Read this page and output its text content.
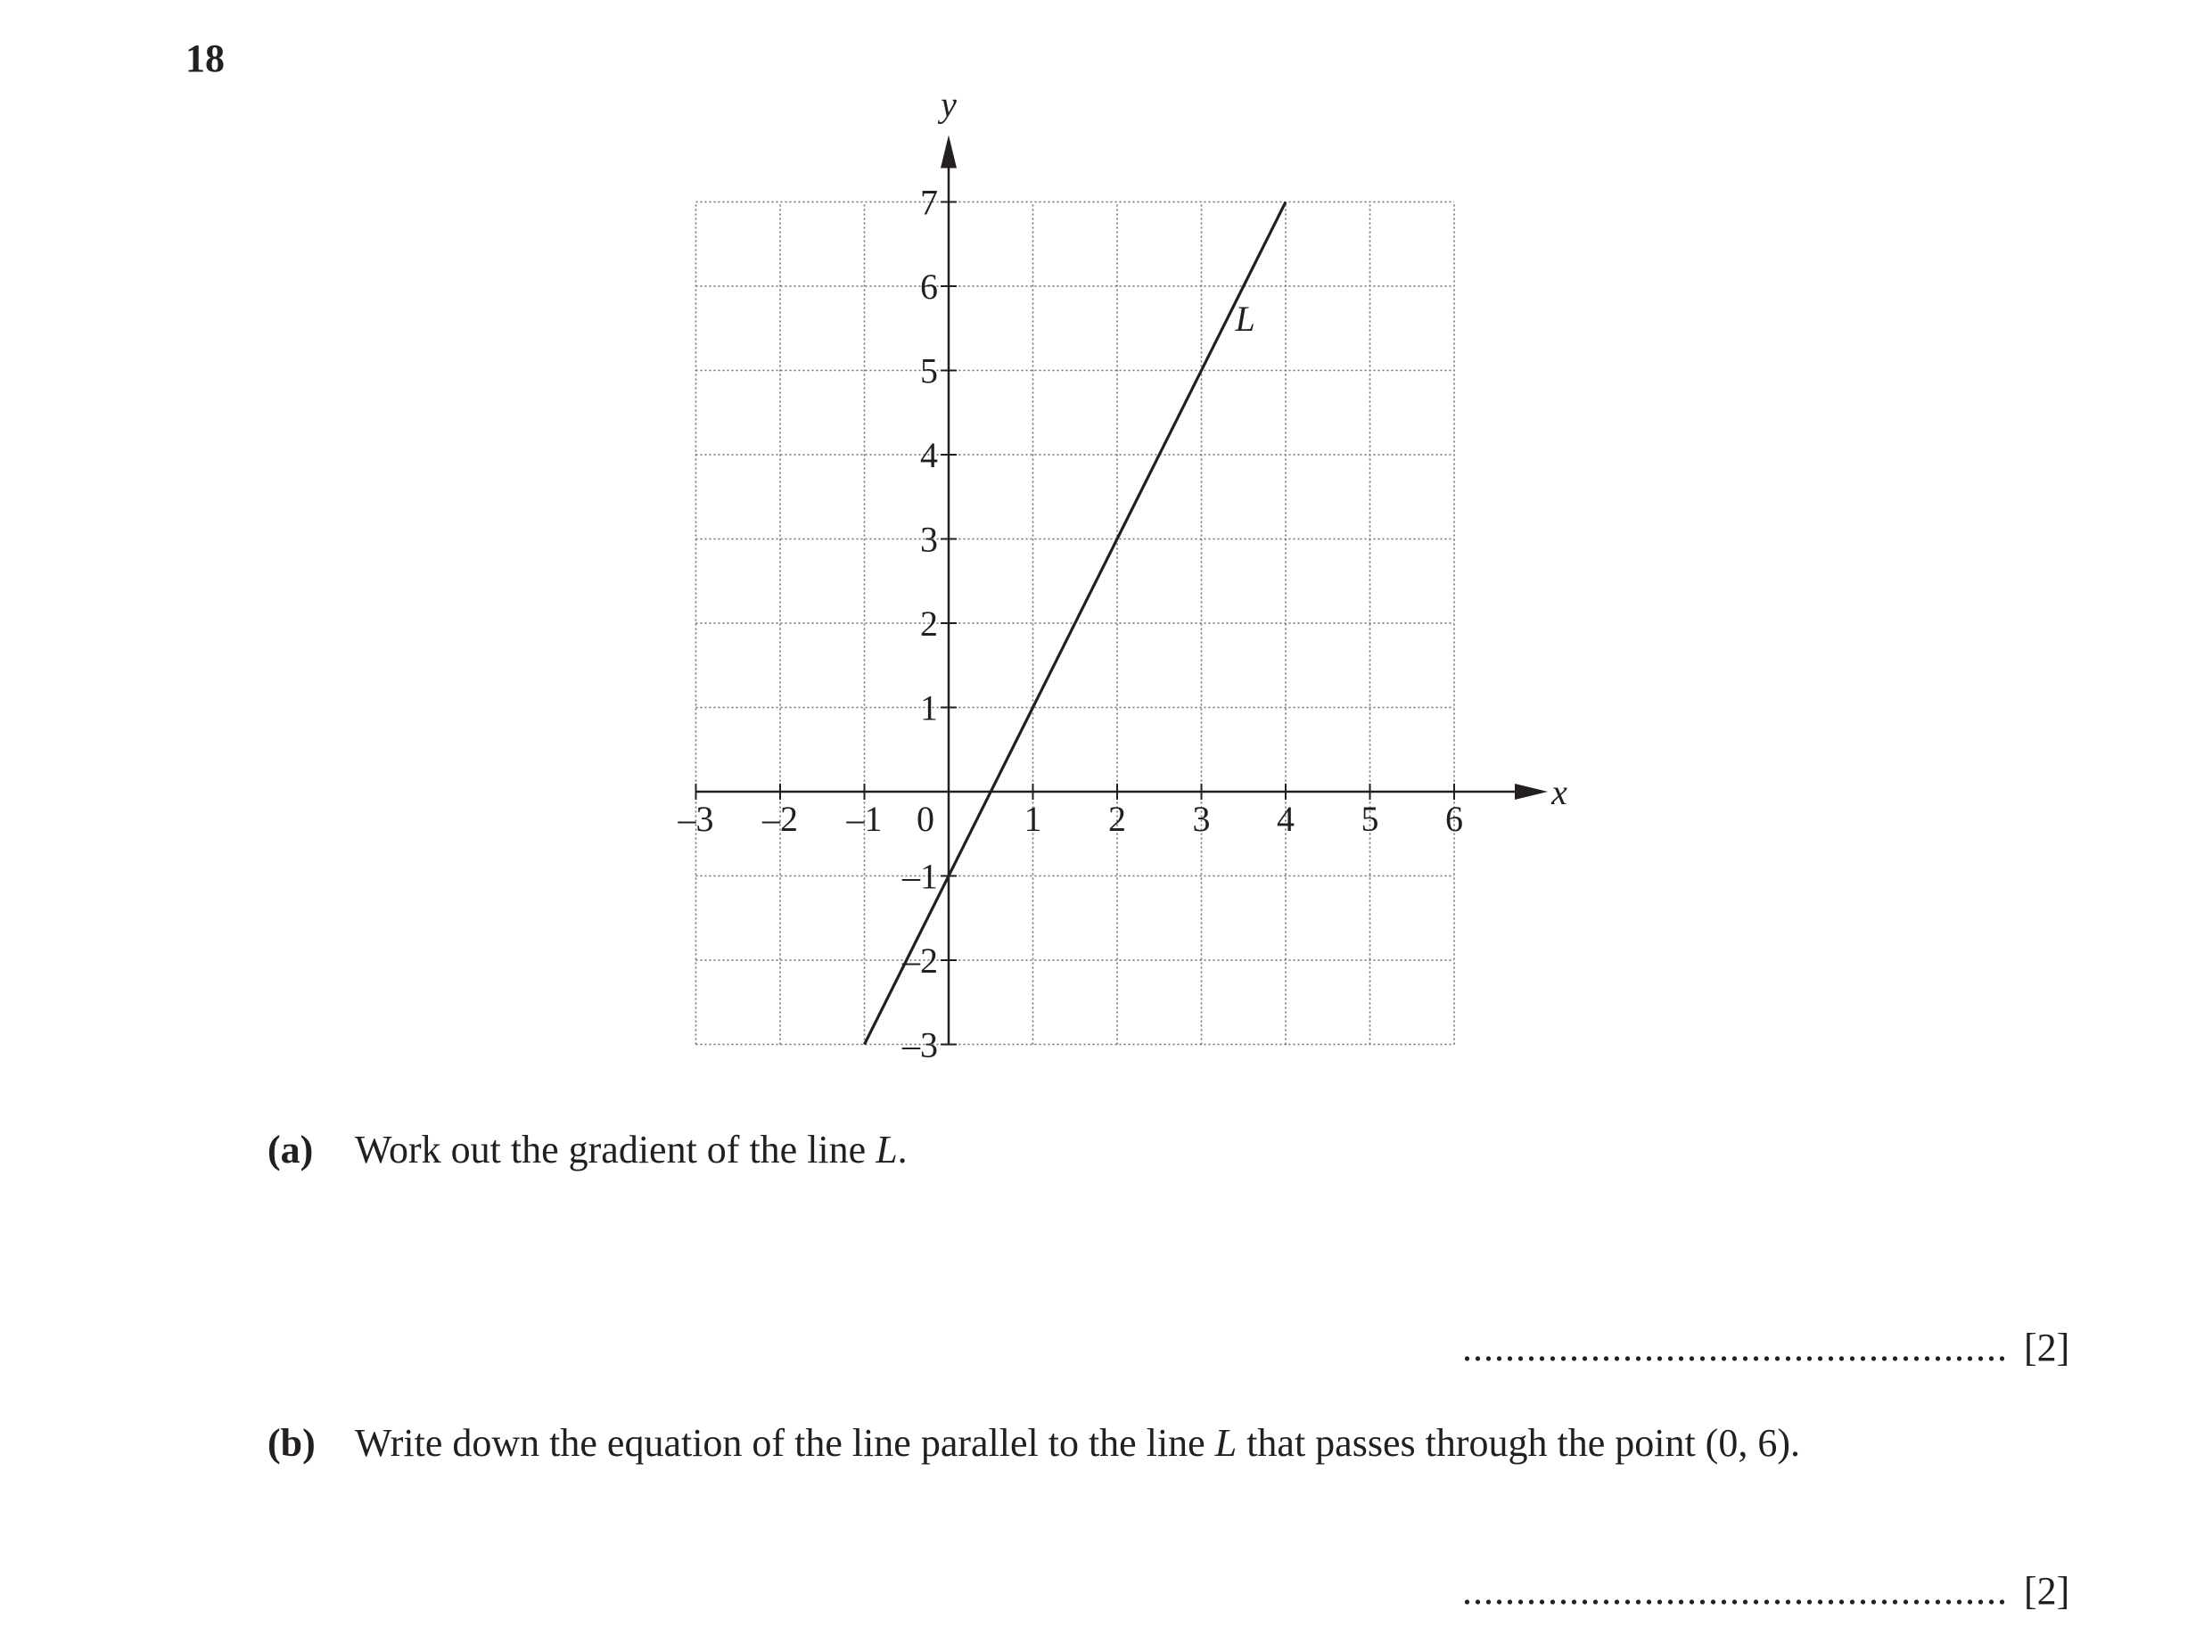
18
x
y
–3 –2 –1 0	1 2 3 4 5 6
7
6
5
4
3
2
1
–1
–2
–3
L
(a) Work out the gradient of the line L.
................................................... [2]
(b) Write down the equation of the line parallel to the line L that passes through the point (0, 6).
................................................... [2]
